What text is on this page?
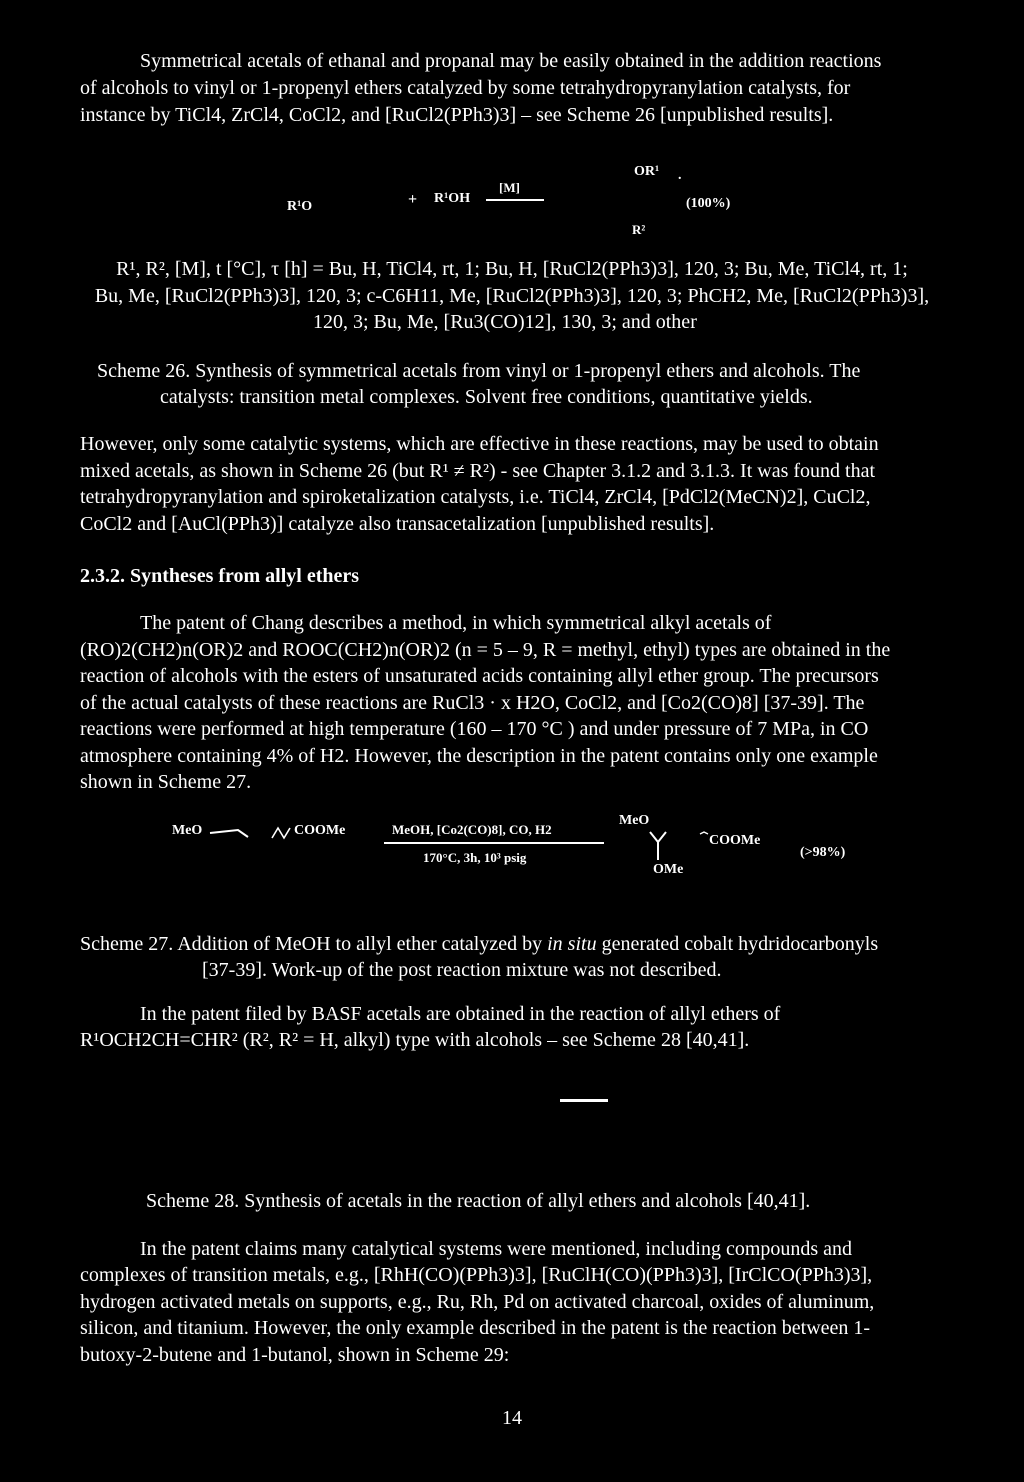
Symmetrical acetals of ethanal and propanal may be easily obtained in the addition reactions

of alcohols to vinyl or 1-propenyl ethers catalyzed by some tetrahydropyranylation catalysts, for

instance by TiCl4, ZrCl4, CoCl2, and [RuCl2(PPh3)3] – see Scheme 26 [unpublished results].

R¹O	+ R¹OH
[M]
OR¹ .
(100%)
R²

R¹, R², [M], t [°C], τ [h] = Bu, H, TiCl4, rt, 1; Bu, H, [RuCl2(PPh3)3], 120, 3; Bu, Me, TiCl4, rt, 1;

Bu, Me, [RuCl2(PPh3)3], 120, 3; c-C6H11, Me, [RuCl2(PPh3)3], 120, 3; PhCH2, Me, [RuCl2(PPh3)3],

120, 3; Bu, Me, [Ru3(CO)12], 130, 3; and other

Scheme 26. Synthesis of symmetrical acetals from vinyl or 1-propenyl ethers and alcohols. The

catalysts: transition metal complexes. Solvent free conditions, quantitative yields.

However, only some catalytic systems, which are effective in these reactions, may be used to obtain

mixed acetals, as shown in Scheme 26 (but R¹ ≠ R²) - see Chapter 3.1.2 and 3.1.3. It was found that

tetrahydropyranylation and spiroketalization catalysts, i.e. TiCl4, ZrCl4, [PdCl2(MeCN)2], CuCl2,

CoCl2 and [AuCl(PPh3)] catalyze also transacetalization [unpublished results].

2.3.2. Syntheses from allyl ethers

The patent of Chang describes a method, in which symmetrical alkyl acetals of

(RO)2(CH2)n(OR)2 and ROOC(CH2)n(OR)2 (n = 5 – 9, R = methyl, ethyl) types are obtained in the

reaction of alcohols with the esters of unsaturated acids containing allyl ether group. The precursors

of the actual catalysts of these reactions are RuCl3 · x H2O, CoCl2, and [Co2(CO)8] [37-39]. The

reactions were performed at high temperature (160 – 170 °C ) and under pressure of 7 MPa, in CO

atmosphere containing 4% of H2. However, the description in the patent contains only one example

shown in Scheme 27.

MeO	COOMe	MeOH, [Co2(CO)8], CO, H2
170°C, 3h, 10³ psig
MeO
COOMe
OMe
(>98%)

Scheme 27. Addition of MeOH to allyl ether catalyzed by in situ generated cobalt hydridocarbonyls

[37-39]. Work-up of the post reaction mixture was not described.

In the patent filed by BASF acetals are obtained in the reaction of allyl ethers of

R¹OCH2CH=CHR² (R², R² = H, alkyl) type with alcohols – see Scheme 28 [40,41].

Scheme 28. Synthesis of acetals in the reaction of allyl ethers and alcohols [40,41].

In the patent claims many catalytical systems were mentioned, including compounds and

complexes of transition metals, e.g., [RhH(CO)(PPh3)3], [RuClH(CO)(PPh3)3], [IrClCO(PPh3)3],

hydrogen activated metals on supports, e.g., Ru, Rh, Pd on activated charcoal, oxides of aluminum,

silicon, and titanium. However, the only example described in the patent is the reaction between 1-

butoxy-2-butene and 1-butanol, shown in Scheme 29:

14
